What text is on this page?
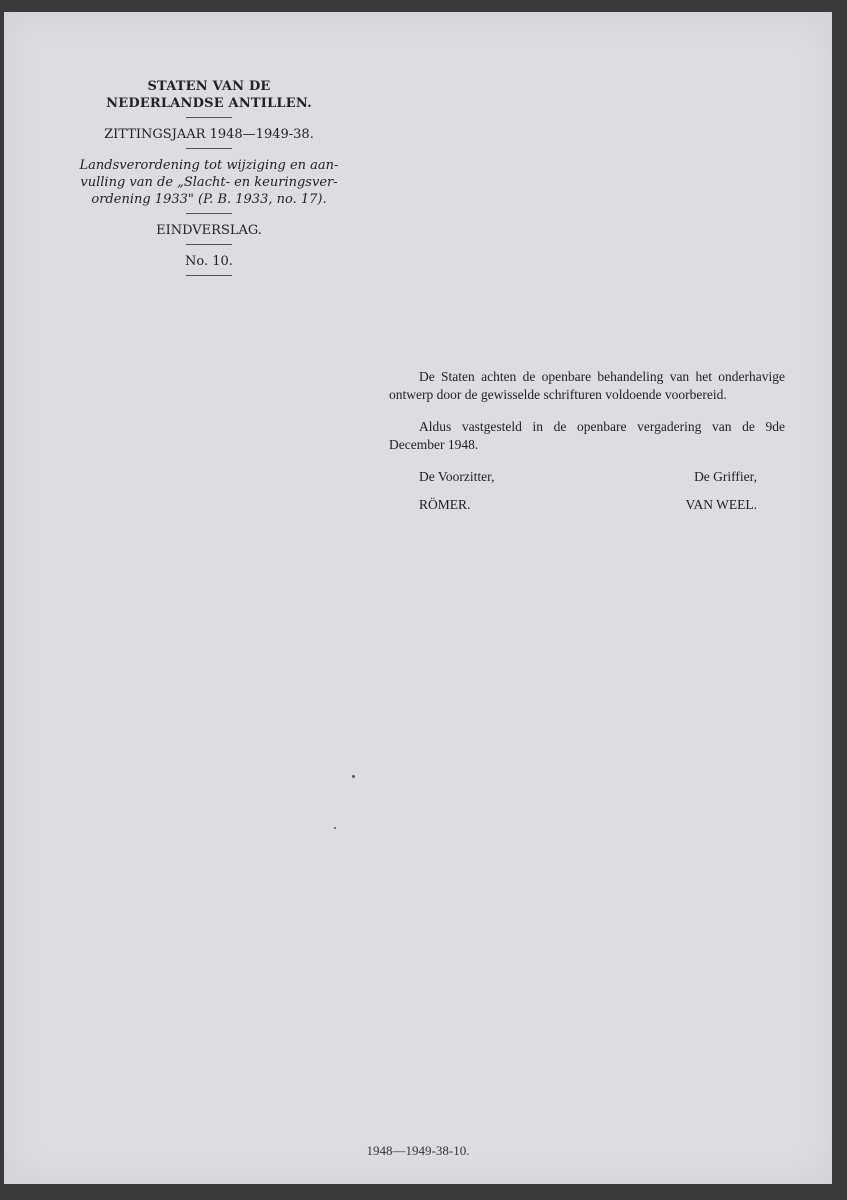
STATEN VAN DE
NEDERLANDSE ANTILLEN.
ZITTINGSJAAR 1948—1949-38.
Landsverordening tot wijziging en aan-
vulling van de „Slacht- en keuringsver-
ordening 1933" (P. B. 1933, no. 17).
EINDVERSLAG.
No. 10.

De Staten achten de openbare behandeling van het onderhavige ontwerp door de gewisselde schrifturen voldoende voorbereid.

Aldus vastgesteld in de openbare vergadering van de 9de December 1948.

De Voorzitter,	De Griffier,
RÖMER.	VAN WEEL.
1948—1949-38-10.
